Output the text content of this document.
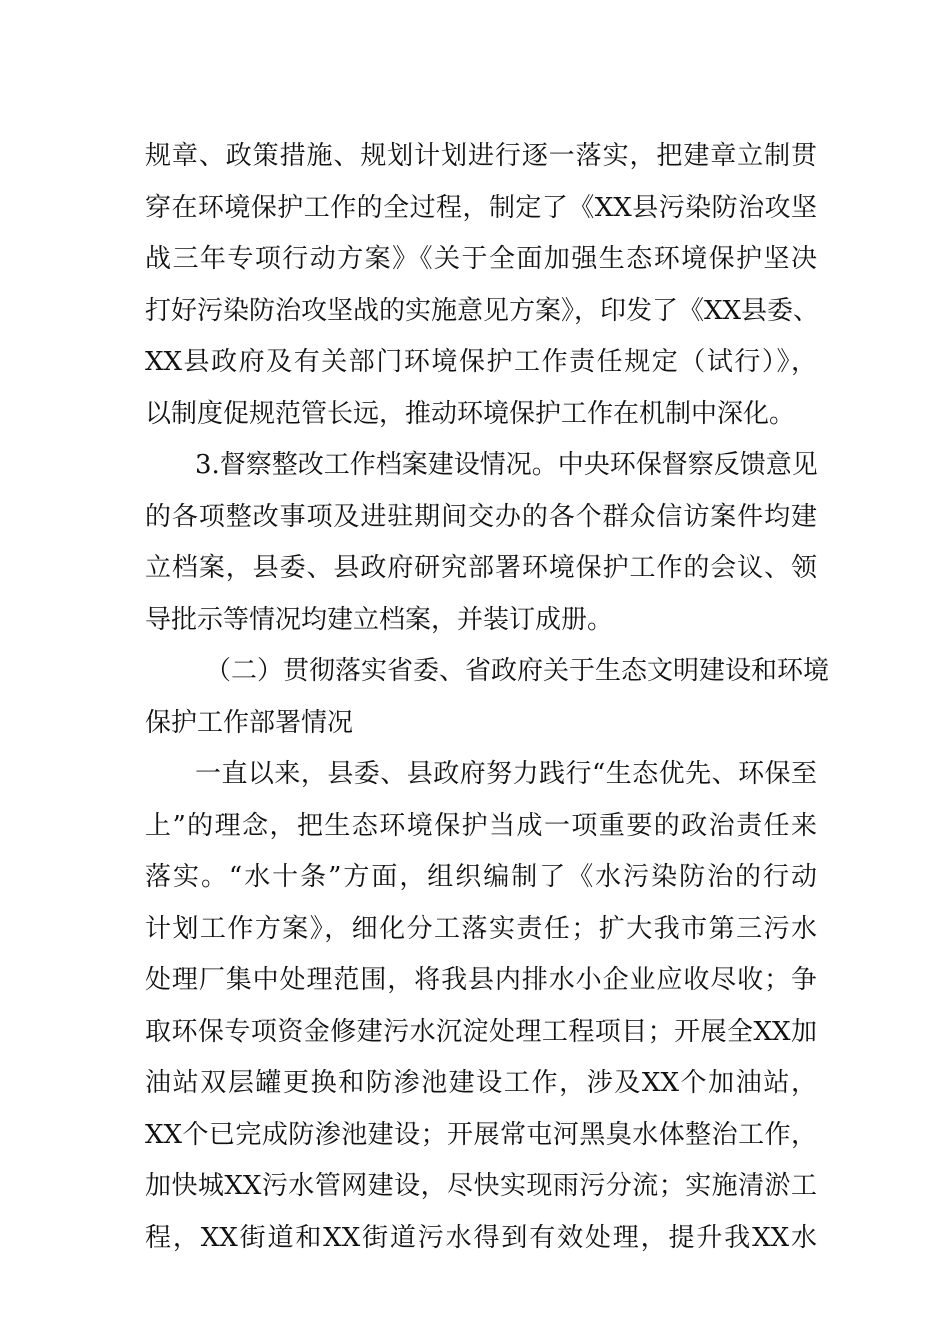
规章、政策措施、规划计划进行逐一落实，把建章立制贯
穿在环境保护工作的全过程，制定了《XX县污染防治攻坚
战三年专项行动方案》《关于全面加强生态环境保护坚决
打好污染防治攻坚战的实施意见方案》，印发了《XX县委、
XX县政府及有关部门环境保护工作责任规定（试行）》，
以制度促规范管长远，推动环境保护工作在机制中深化。
3.督察整改工作档案建设情况。中央环保督察反馈意见
的各项整改事项及进驻期间交办的各个群众信访案件均建
立档案，县委、县政府研究部署环境保护工作的会议、领
导批示等情况均建立档案，并装订成册。
（二）贯彻落实省委、省政府关于生态文明建设和环境
保护工作部署情况
一直以来，县委、县政府努力践行“生态优先、环保至
上”的理念，把生态环境保护当成一项重要的政治责任来
落实。“水十条”方面，组织编制了《水污染防治的行动
计划工作方案》，细化分工落实责任；扩大我市第三污水
处理厂集中处理范围，将我县内排水小企业应收尽收；争
取环保专项资金修建污水沉淀处理工程项目；开展全XX加
油站双层罐更换和防渗池建设工作，涉及XX个加油站，
XX个已完成防渗池建设；开展常屯河黑臭水体整治工作，
加快城XX污水管网建设，尽快实现雨污分流；实施清淤工
程，XX街道和XX街道污水得到有效处理，提升我XX水
